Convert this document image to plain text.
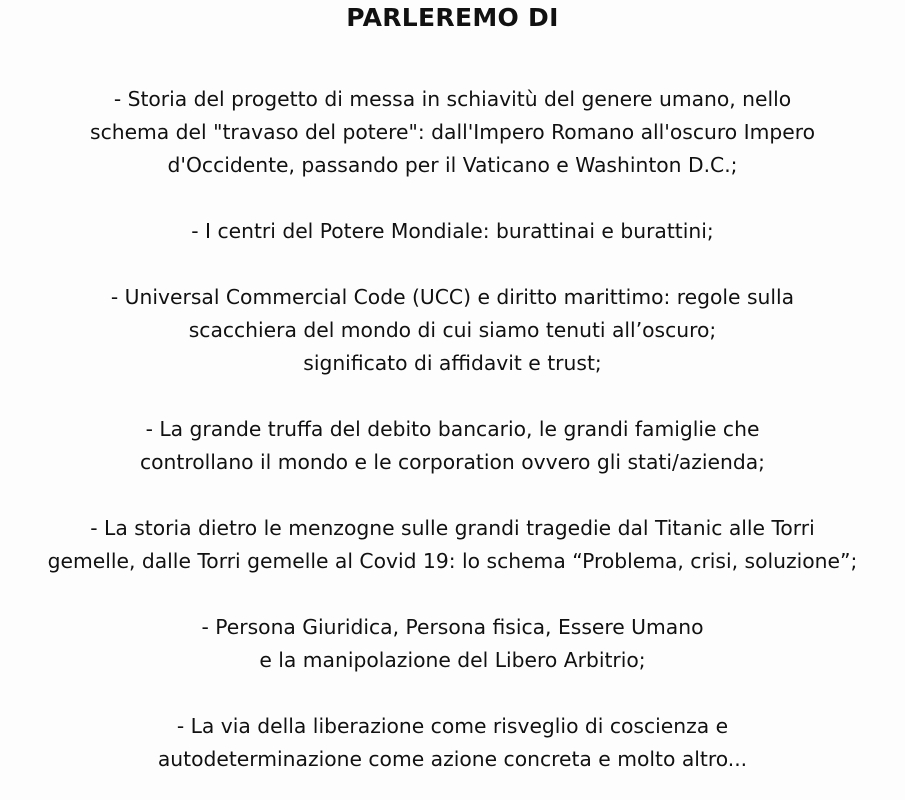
PARLEREMO DI
- Storia del progetto di messa in schiavitù del genere umano, nello
schema del "travaso del potere": dall'Impero Romano all'oscuro Impero
d'Occidente, passando per il Vaticano e Washinton D.C.;
- I centri del Potere Mondiale: burattinai e burattini;
- Universal Commercial Code (UCC) e diritto marittimo: regole sulla
scacchiera del mondo di cui siamo tenuti all’oscuro;
significato di affidavit e trust;
- La grande truffa del debito bancario, le grandi famiglie che
controllano il mondo e le corporation ovvero gli stati/azienda;
- La storia dietro le menzogne sulle grandi tragedie dal Titanic alle Torri
gemelle, dalle Torri gemelle al Covid 19: lo schema “Problema, crisi, soluzione”;
- Persona Giuridica, Persona fisica, Essere Umano
e la manipolazione del Libero Arbitrio;
- La via della liberazione come risveglio di coscienza e
autodeterminazione come azione concreta e molto altro...
